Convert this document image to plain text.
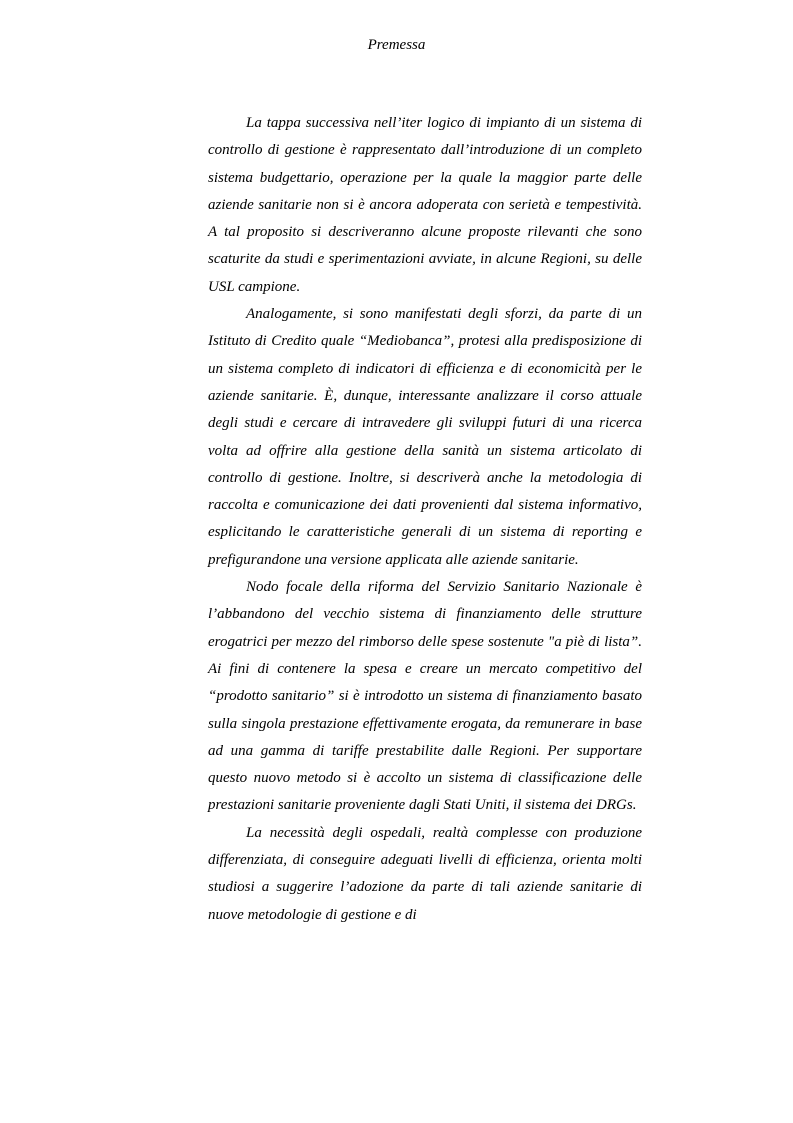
Premessa

La tappa successiva nell’iter logico di impianto di un sistema di controllo di gestione è rappresentato dall’introduzione di un completo sistema budgettario, operazione per la quale la maggior parte delle aziende sanitarie non si è ancora adoperata con serietà e tempestività. A tal proposito si descriveranno alcune proposte rilevanti che sono scaturite da studi e sperimentazioni avviate, in alcune Regioni, su delle USL campione.

Analogamente, si sono manifestati degli sforzi, da parte di un Istituto di Credito quale “Mediobanca”, protesi alla predisposizione di un sistema completo di indicatori di efficienza e di economicità per le aziende sanitarie. È, dunque, interessante analizzare il corso attuale degli studi e cercare di intravedere gli sviluppi futuri di una ricerca volta ad offrire alla gestione della sanità un sistema articolato di controllo di gestione. Inoltre, si descriverà anche la metodologia di raccolta e comunicazione dei dati provenienti dal sistema informativo, esplicitando le caratteristiche generali di un sistema di reporting e prefigurandone una versione applicata alle aziende sanitarie.

Nodo focale della riforma del Servizio Sanitario Nazionale è l’abbandono del vecchio sistema di finanziamento delle strutture erogatrici per mezzo del rimborso delle spese sostenute "a piè di lista”. Ai fini di contenere la spesa e creare un mercato competitivo del “prodotto sanitario” si è introdotto un sistema di finanziamento basato sulla singola prestazione effettivamente erogata, da remunerare in base ad una gamma di tariffe prestabilite dalle Regioni. Per supportare questo nuovo metodo si è accolto un sistema di classificazione delle prestazioni sanitarie proveniente dagli Stati Uniti, il sistema dei DRGs.

La necessità degli ospedali, realtà complesse con produzione differenziata, di conseguire adeguati livelli di efficienza, orienta molti studiosi a suggerire l’adozione da parte di tali aziende sanitarie di nuove metodologie di gestione e di
